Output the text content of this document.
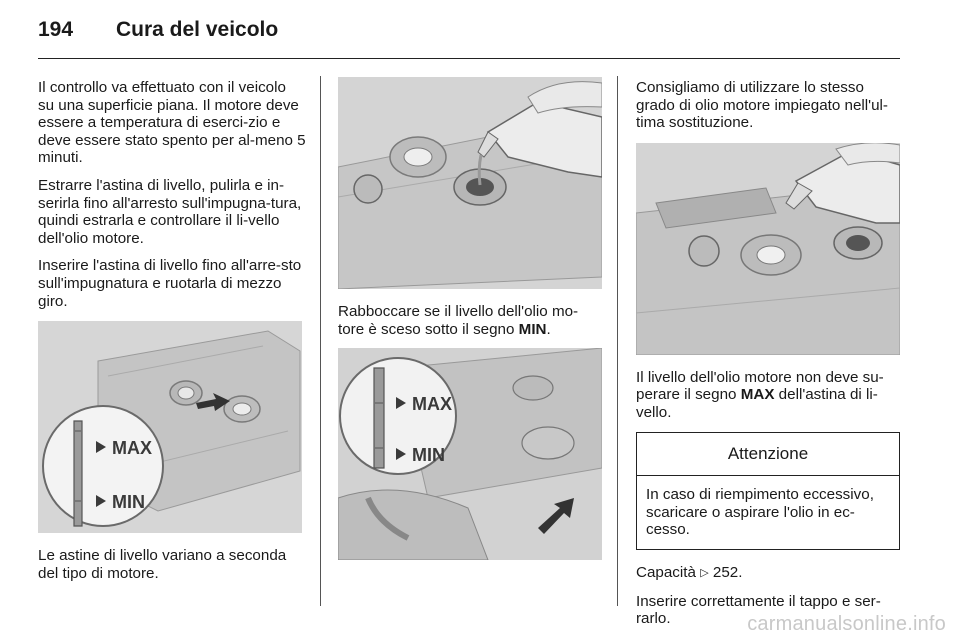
194 Cura del veicolo

Il controllo va effettuato con il veicolo su una superficie piana. Il motore deve essere a temperatura di eserci-zio e deve essere stato spento per al-meno 5 minuti.

Estrarre l'astina di livello, pulirla e in-serirla fino all'arresto sull'impugna-tura, quindi estrarla e controllare il li-vello dell'olio motore.

Inserire l'astina di livello fino all'arre-sto sull'impugnatura e ruotarla di mezzo giro.

MAX
MIN

Le astine di livello variano a seconda del tipo di motore.

Rabboccare se il livello dell'olio mo-tore è sceso sotto il segno MIN.

MAX
MIN

Consigliamo di utilizzare lo stesso grado di olio motore impiegato nell'ul-tima sostituzione.

Il livello dell'olio motore non deve su-perare il segno MAX dell'astina di li-vello.

Attenzione
In caso di riempimento eccessivo, scaricare o aspirare l'olio in ec-cesso.

Capacità ▷ 252.

Inserire correttamente il tappo e ser-rarlo.	carmanualsonline.info
